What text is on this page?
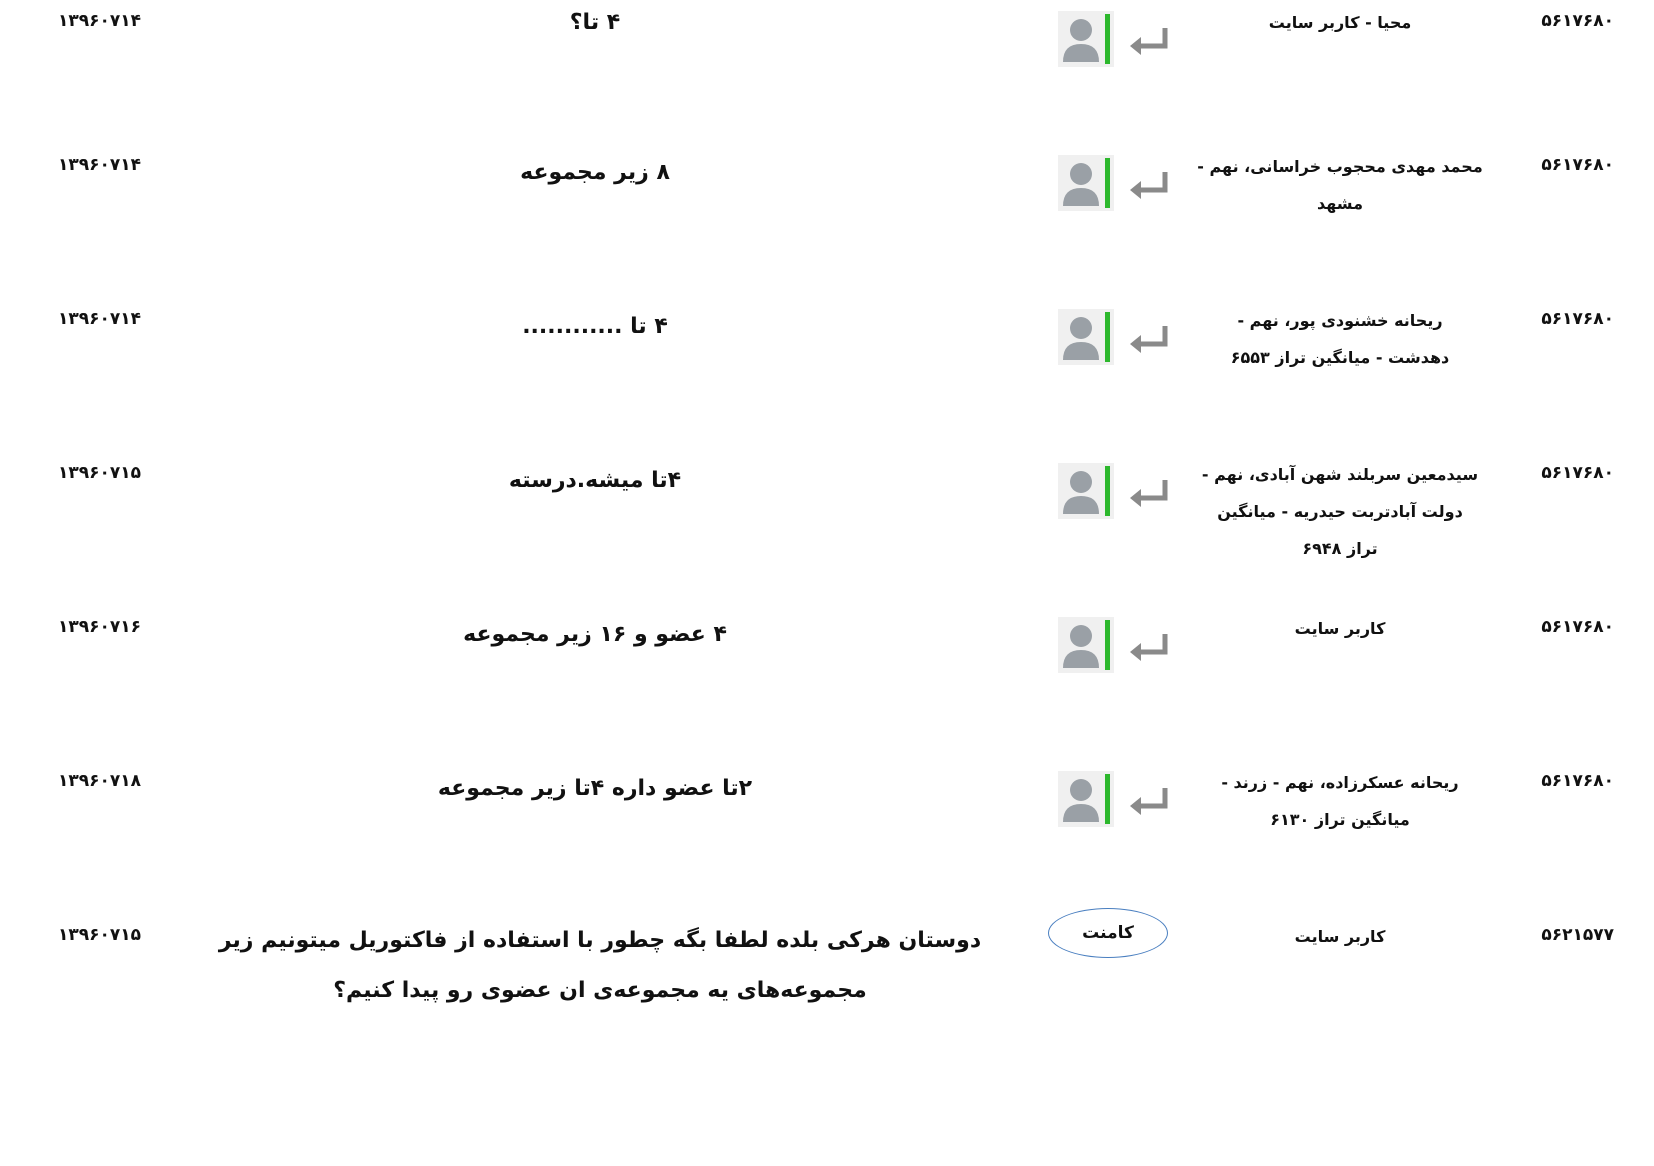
۵۶۱۷۶۸۰
محیا - کاربر سایت
۴ تا؟
۱۳۹۶۰۷۱۴
۵۶۱۷۶۸۰
محمد مهدی محجوب خراسانی، نهم - مشهد
۸ زیر مجموعه
۱۳۹۶۰۷۱۴
۵۶۱۷۶۸۰
ریحانه خشنودی پور، نهم - دهدشت - میانگین تراز ۶۵۵۳
۴ تا ............
۱۳۹۶۰۷۱۴
۵۶۱۷۶۸۰
سیدمعین سربلند شهن آبادی، نهم - دولت آبادتربت حیدریه - میانگین تراز ۶۹۴۸
۴تا میشه.درسته
۱۳۹۶۰۷۱۵
۵۶۱۷۶۸۰
کاربر سایت
۴ عضو و ۱۶ زیر مجموعه
۱۳۹۶۰۷۱۶
۵۶۱۷۶۸۰
ریحانه عسکرزاده، نهم - زرند - میانگین تراز ۶۱۳۰
۲تا عضو داره ۴تا زیر مجموعه
۱۳۹۶۰۷۱۸
۵۶۲۱۵۷۷
کاربر سایت
کامنت
دوستان هرکی بلده لطفا بگه چطور با استفاده از فاکتوریل میتونیم زیر مجموعه‌های یه مجموعه‌ی ان عضوی رو پیدا کنیم؟
۱۳۹۶۰۷۱۵
